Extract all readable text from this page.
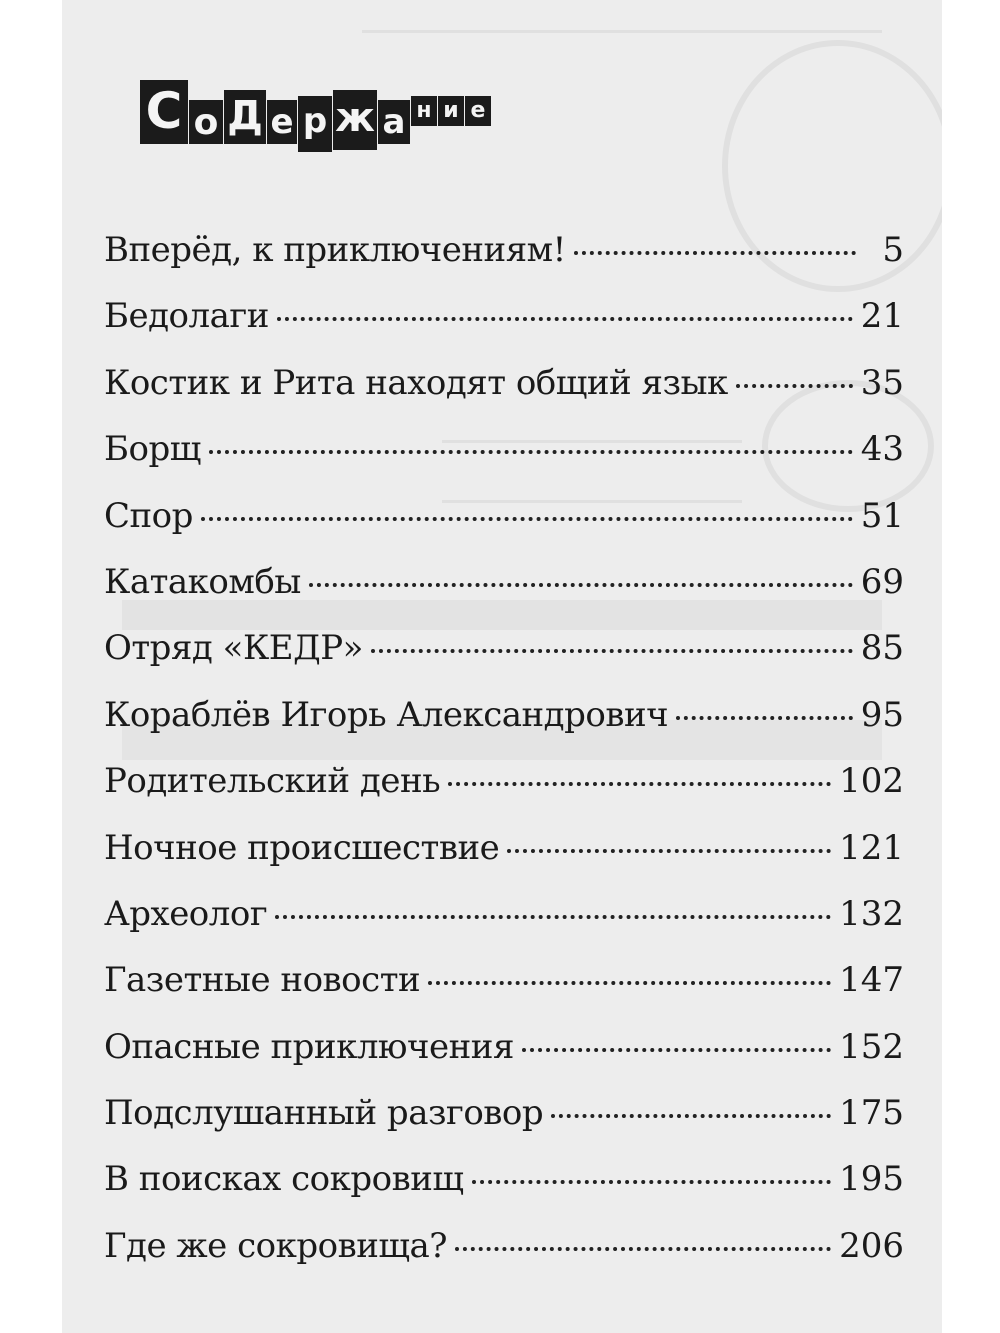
С о Д е р ж а н и е
Вперёд, к приключениям!	5
Бедолаги	21
Костик и Рита находят общий язык	35
Борщ	43
Спор	51
Катакомбы	69
Отряд «КЕДР»	85
Кораблёв Игорь Александрович	95
Родительский день	102
Ночное происшествие	121
Археолог	132
Газетные новости	147
Опасные приключения	152
Подслушанный разговор	175
В поисках сокровищ	195
Где же сокровища?	206
